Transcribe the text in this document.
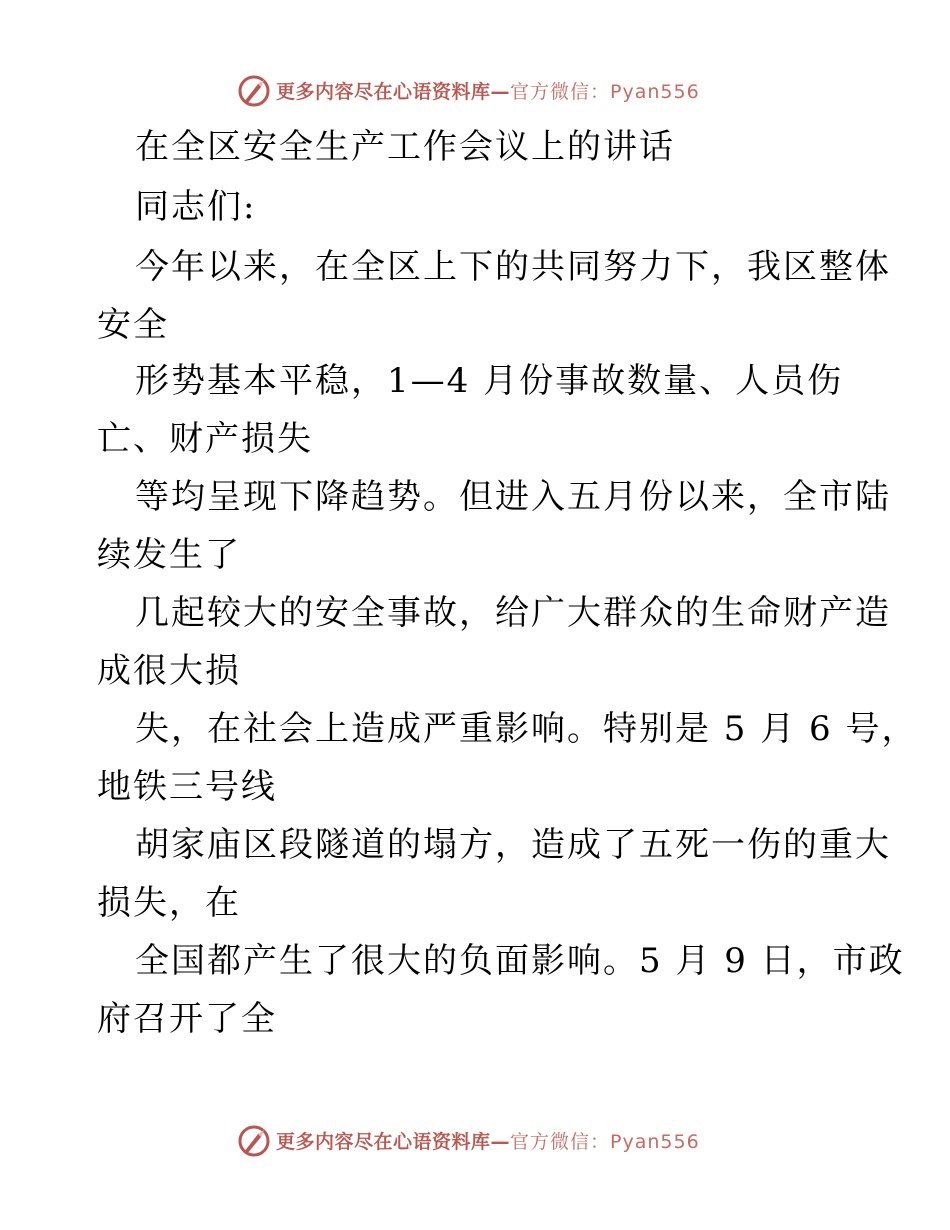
更多内容尽在心语资料库—官方微信：Pyan556
在全区安全生产工作会议上的讲话
同志们:
今年以来，在全区上下的共同努力下，我区整体
安全
形势基本平稳，1—4 月份事故数量、人员伤
亡、财产损失
等均呈现下降趋势。但进入五月份以来，全市陆
续发生了
几起较大的安全事故，给广大群众的生命财产造
成很大损
失，在社会上造成严重影响。特别是 5 月 6 号，
地铁三号线
胡家庙区段隧道的塌方，造成了五死一伤的重大
损失，在
全国都产生了很大的负面影响。5 月 9 日，市政
府召开了全
更多内容尽在心语资料库—官方微信：Pyan556
